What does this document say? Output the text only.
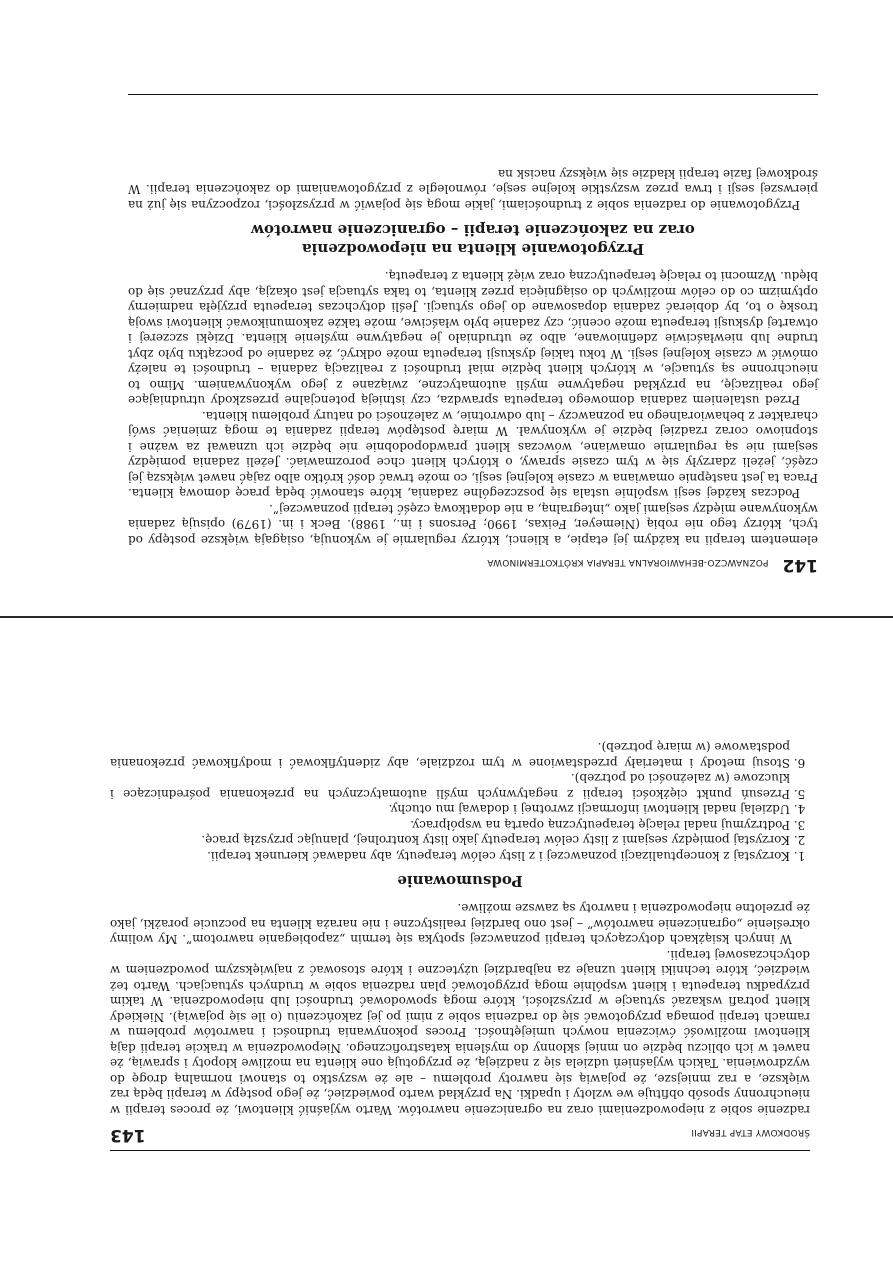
142
POZNAWCZO-BEHAWIORALNA TERAPIA KRÓTKOTERMINOWA

elementem terapii na każdym jej etapie, a klienci, którzy regularnie je wykonują, osiągają większe postępy od tych, którzy tego nie robią (Niemeyer, Feixas, 1990; Persons i in., 1988). Beck i in. (1979) opisują zadania wykonywane między sesjami jako „integralną, a nie dodatkową część terapii poznawczej”.

Podczas każdej sesji wspólnie ustala się poszczególne zadania, które stanowić będą pracę domową klienta. Praca ta jest następnie omawiana w czasie kolejnej sesji, co może trwać dość krótko albo zająć nawet większą jej część, jeżeli zdarzyły się w tym czasie sprawy, o których klient chce porozmawiać. Jeżeli zadania pomiędzy sesjami nie są regularnie omawiane, wówczas klient prawdopodobnie nie będzie ich uznawał za ważne i stopniowo coraz rzadziej będzie je wykonywał. W miarę postępów terapii zadania te mogą zmieniać swój charakter z behawioralnego na poznawczy – lub odwrotnie, w zależności od natury problemu klienta.

Przed ustaleniem zadania domowego terapeuta sprawdza, czy istnieją potencjalne przeszkody utrudniające jego realizację, na przykład negatywne myśli automatyczne, związane z jego wykonywaniem. Mimo to nieuchronne są sytuacje, w których klient będzie miał trudności z realizacją zadania – trudności te należy omówić w czasie kolejnej sesji. W toku takiej dyskusji terapeuta może odkryć, że zadanie od początku było zbyt trudne lub niewłaściwie zdefiniowane, albo że utrudniało je negatywne myślenie klienta. Dzięki szczerej i otwartej dyskusji terapeuta może ocenić, czy zadanie było właściwe, może także zakomunikować klientowi swoją troskę o to, by dobierać zadania dopasowane do jego sytuacji. Jeśli dotychczas terapeuta przyjęła nadmierny optymizm co do celów możliwych do osiągnięcia przez klienta, to taka sytuacja jest okazją, aby przyznać się do błędu. Wzmocni to relację terapeutyczną oraz więź klienta z terapeutą.

Przygotowanie klienta na niepowodzenia
oraz na zakończenie terapii – ograniczenie nawrotów

Przygotowanie do radzenia sobie z trudnościami, jakie mogą się pojawić w przyszłości, rozpoczyna się już na pierwszej sesji i trwa przez wszystkie kolejne sesje, równolegle z przygotowaniami do zakończenia terapii. W środkowej fazie terapii kładzie się większy nacisk na

ŚRODKOWY ETAP TERAPII
143

radzenie sobie z niepowodzeniami oraz na ograniczenie nawrotów. Warto wyjaśnić klientowi, że proces terapii w nieuchronny sposób obfituje we wzloty i upadki. Na przykład warto powiedzieć, że jego postępy w terapii będą raz większe, a raz mniejsze, że pojawią się nawroty problemu – ale że wszystko to stanowi normalną drogę do wyzdrowienia. Takich wyjaśnień udziela się z nadzieją, że przygotują one klienta na możliwe kłopoty i sprawią, że nawet w ich obliczu będzie on mniej skłonny do myślenia katastroficznego. Niepowodzenia w trakcie terapii dają klientowi możliwość ćwiczenia nowych umiejętności. Proces pokonywania trudności i nawrotów problemu w ramach terapii pomaga przygotować się do radzenia sobie z nimi po jej zakończeniu (o ile się pojawią). Niekiedy klient potrafi wskazać sytuacje w przyszłości, które mogą spowodować trudności lub niepowodzenia. W takim przypadku terapeuta i klient wspólnie mogą przygotować plan radzenia sobie w trudnych sytuacjach. Warto też wiedzieć, które techniki klient uznaje za najbardziej użyteczne i które stosować z największym powodzeniem w dotychczasowej terapii.

W innych książkach dotyczących terapii poznawczej spotyka się termin „zapobieganie nawrotom”. My wolimy określenie „ograniczenie nawrotów” – jest ono bardziej realistyczne i nie naraża klienta na poczucie porażki, jako że przelotne niepowodzenia i nawroty są zawsze możliwe.

Podsumowanie
1. Korzystaj z konceptualizacji poznawczej i z listy celów terapeuty, aby nadawać kierunek terapii.
2. Korzystaj pomiędzy sesjami z listy celów terapeuty jako listy kontrolnej, planując przyszłą pracę.
3. Podtrzymuj nadal relację terapeutyczną opartą na współpracy.
4. Udzielaj nadal klientowi informacji zwrotnej i dodawaj mu otuchy.
5. Przesuń punkt ciężkości terapii z negatywnych myśli automatycznych na przekonania pośredniczące i kluczowe (w zależności od potrzeb).
6. Stosuj metody i materiały przedstawione w tym rozdziale, aby zidentyfikować i modyfikować przekonania podstawowe (w miarę potrzeb).
